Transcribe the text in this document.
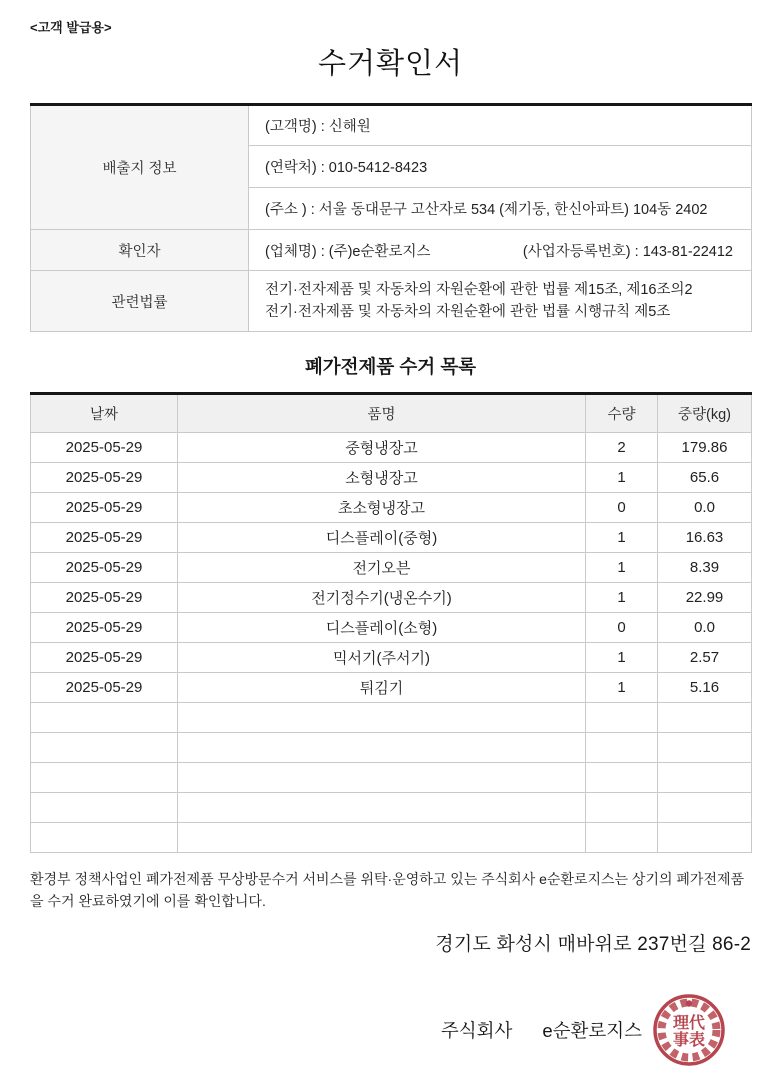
<고객 발급용>
수거확인서
배출지 정보	(고객명) : 신해원
	(연락처) : 010-5412-8423
	(주소 ) : 서울 동대문구 고산자로 534 (제기동, 한신아파트) 104동 2402
확인자	(업체명) : (주)e순환로지스 (사업자등록번호) : 143-81-22412

관련법률	전기·전자제품 및 자동차의 자원순환에 관한 법률 제15조, 제16조의2
전기·전자제품 및 자동차의 자원순환에 관한 법률 시행규칙 제5조
폐가전제품 수거 목록
날짜	품명	수량	중량(kg)
2025-05-29	중형냉장고	2	179.86
2025-05-29	소형냉장고	1	65.6
2025-05-29	초소형냉장고	0	0.0
2025-05-29	디스플레이(중형)	1	16.63
2025-05-29	전기오븐	1	8.39
2025-05-29	전기정수기(냉온수기)	1	22.99
2025-05-29	디스플레이(소형)	0	0.0
2025-05-29	믹서기(주서기)	1	2.57
2025-05-29	튀김기	1	5.16

환경부 정책사업인 폐가전제품 무상방문수거 서비스를 위탁·운영하고 있는 주식회사 e순환로지스는 상기의 폐가전제품을 수거 완료하였기에 이를 확인합니다.
경기도 화성시 매바위로 237번길 86-2
주식회사 e순환로지스 理代
事表
